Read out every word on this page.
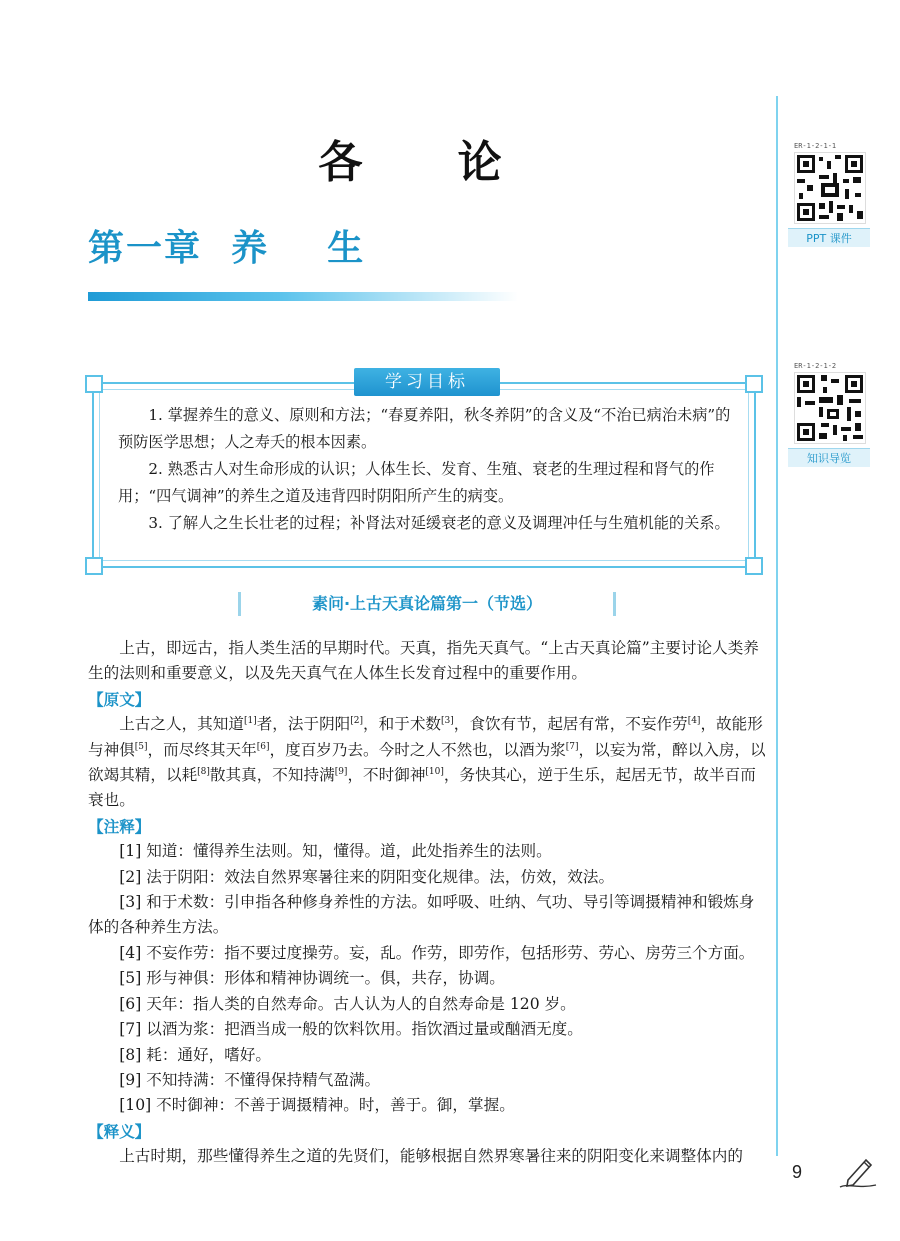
各 论
第一章  养    生
ER-1-2-1-1
PPT 课件
ER-1-2-1-2
知识导览
学习目标

1. 掌握养生的意义、原则和方法；“春夏养阳，秋冬养阴”的含义及“不治已病治未病”的预防医学思想；人之寿夭的根本因素。

2. 熟悉古人对生命形成的认识；人体生长、发育、生殖、衰老的生理过程和肾气的作用；“四气调神”的养生之道及违背四时阴阳所产生的病变。

3. 了解人之生长壮老的过程；补肾法对延缓衰老的意义及调理冲任与生殖机能的关系。

素问·上古天真论篇第一（节选）

上古，即远古，指人类生活的早期时代。天真，指先天真气。“上古天真论篇”主要讨论人类养生的法则和重要意义，以及先天真气在人体生长发育过程中的重要作用。

【原文】

上古之人，其知道[1]者，法于阴阳[2]，和于术数[3]，食饮有节，起居有常，不妄作劳[4]，故能形与神俱[5]，而尽终其天年[6]，度百岁乃去。今时之人不然也，以酒为浆[7]，以妄为常，醉以入房，以欲竭其精，以耗[8]散其真，不知持满[9]，不时御神[10]，务快其心，逆于生乐，起居无节，故半百而衰也。

【注释】

[1] 知道：懂得养生法则。知，懂得。道，此处指养生的法则。

[2] 法于阴阳：效法自然界寒暑往来的阴阳变化规律。法，仿效，效法。

[3] 和于术数：引申指各种修身养性的方法。如呼吸、吐纳、气功、导引等调摄精神和锻炼身体的各种养生方法。

[4] 不妄作劳：指不要过度操劳。妄，乱。作劳，即劳作，包括形劳、劳心、房劳三个方面。

[5] 形与神俱：形体和精神协调统一。俱，共存，协调。

[6] 天年：指人类的自然寿命。古人认为人的自然寿命是 120 岁。

[7] 以酒为浆：把酒当成一般的饮料饮用。指饮酒过量或酗酒无度。

[8] 耗：通好，嗜好。

[9] 不知持满：不懂得保持精气盈满。

[10] 不时御神：不善于调摄精神。时，善于。御，掌握。

【释义】

上古时期，那些懂得养生之道的先贤们，能够根据自然界寒暑往来的阴阳变化来调整体内的

9
